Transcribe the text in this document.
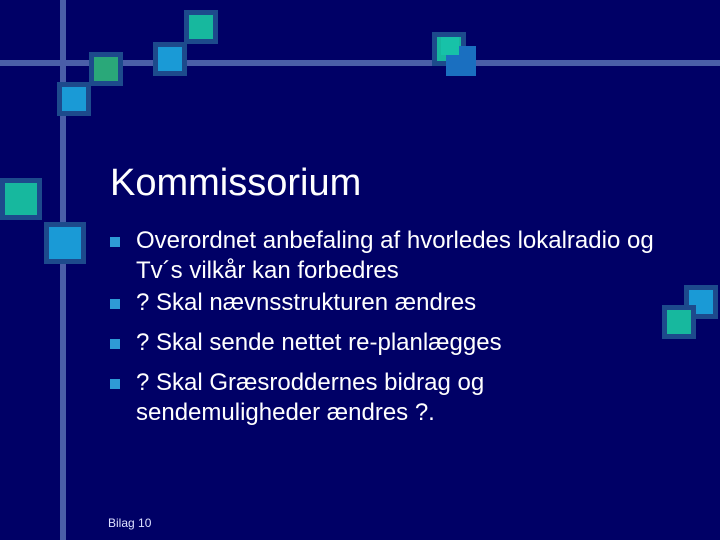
Kommissorium
Overordnet anbefaling af hvorledes lokalradio og Tv´s vilkår kan forbedres
? Skal nævnsstrukturen ændres
? Skal sende nettet re-planlægges
? Skal Græsroddernes bidrag og sendemuligheder ændres ?.
Bilag 10
